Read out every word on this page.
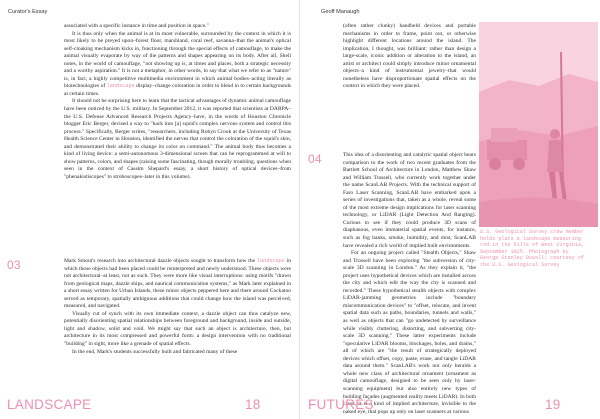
Curator's Essay

associated with a specific instance in time and position in space."

It is thus only when the animal is at its most vulnerable, surrounded by the context in which it is most likely to be preyed upon–forest floor, marshland, coral reef, savanna–that the animal's optical self-cloaking mechanism kicks in, functioning through the special effects of camouflage, to make the animal visually evaporate by way of the patterns and shapes appearing on its body. After all, Shell notes, in the world of camouflage, "not showing up is, at times and places, both a strategic necessity and a worthy aspiration." It is not a metaphor, in other words, to say that what we refer to as "nature" is, in fact, a highly competitive multimedia environment in which animal bodies–acting literally as biotechnologies of landscape display–change coloration in order to blend in to certain backgrounds at certain times.

It should not be surprising here to learn that the tactical advantages of dynamic animal camouflage have been noticed by the U.S. military. In September 2012, it was reported that scientists at DARPA–the U.S. Defense Advanced Research Projects Agency–have, in the words of Houston Chronicle blogger Eric Berger, devised a way to "hack into [a] squid's complex nervous system and control this process." Specifically, Berger writes, "researchers, including Robyn Crook at the University of Texas Health Science Center in Houston, identified the nerves that control the coloration of the squid's skin, and demonstrated their ability to change its color on command." The animal body thus becomes a kind of living device: a semi-autonomous 3-dimensional screen that can be reprogrammed at will to show patterns, colors, and shapes (raising some fascinating, though morally troubling, questions when seen in the context of Cassim Shepard's essay, a short history of optical devices–from "phenakistiscopes" to stroboscopes–later in this volume).

03	Mark Smout's research into architectural dazzle objects sought to transform how the landscape in which those objects had been placed could be reinterpreted and newly understood. These objects were not architectural–at least, not as such. They were more like visual interruptions: using motifs "drawn from geological maps, dazzle ships, and nautical communication systems," as Mark later explained in a short essay written for Urban Islands, these minor objects peppered here and there around Cockatoo served as temporary, spatially ambiguous additions that could change how the island was perceived, measured, and navigated.

Visually cut of synch with its own immediate context, a dazzle object can thus catalyze new, potentially disorienting spatial relationships between foreground and background, inside and outside, light and shadow, solid and void. We might say that such an object is architecture, then, but architecture in its most compressed and powerful form: a design intervention with no traditional "building" in sight, more like a grenade of spatial effects.

In the end, Mark's students successfully built and fabricated many of these

LANDSCAPE	18
Geoff Manaugh

(often rather clunky) handheld devices and portable mechanisms in order to frame, point out, or otherwise highlight different locations around the island. The implication, I thought, was brilliant: rather than design a large-scale, iconic addition or alteration to the island, an artist or architect could simply introduce minor ornamental objects–a kind of instrumental jewelry–that would nonetheless have disproportionate spatial effects on the context in which they were placed.

04	This idea of a disorienting and catalytic spatial object bears comparison to the work of two recent graduates from the Bartlett School of Architecture in London, Matthew Shaw and William Trossell, who currently work together under the name ScanLAB Projects. With the technical support of Faro Laser Scanning, ScanLAB have embarked upon a series of investigations that, taken as a whole, reveal some of the most extreme design implications for laser scanning technology, or LiDAR (Light Detection And Ranging). Curious to see if they could produce 3D scans of diaphanous, even immaterial spatial events, for instance, such as fog banks, smoke, humidity, and mist, ScanLAB have revealed a rich world of implied built environments.

For an ongoing project called "Stealth Objects," Shaw and Trossell have been exploring "the subversion of city-scale 3D scanning in London." As they explain it, "the project uses hypothetical devices which are installed across the city and which edit the way the city is scanned and recorded." These hypothetical stealth objects with complex LiDAR-jamming geometries include "boundary miscommunication devices" to "offset, relocate, and invent spatial data such as paths, boundaries, tunnels and walls," as well as objects that can "go undetected by surveillance while visibly cluttering, distorting, and subverting city-scale 3D scanning." These latter experiments include "speculative LiDAR blooms, blockages, holes, and drains," all of which are "the result of strategically deployed devices which offset, copy, paste, erase, and tangle LiDAR data around them." ScanLAB's work not only heralds a whole new class of architectural ornament (ornament as digital camouflage, designed to be seen only by laser-scanning equipment) but also entirely new types of building façades (augmented reality meets LiDAR). In both cases, it is a kind of implied architecture, invisible to the naked eye, that pops up only on laser scanners at various

FUTURES	19

U.S. Geological Survey crew member holds plats a landscape measuring rod in the hills of West Virginia, September 1925. Photograph by George Stanley Duvall; courtesy of the U.S. Geological Survey
